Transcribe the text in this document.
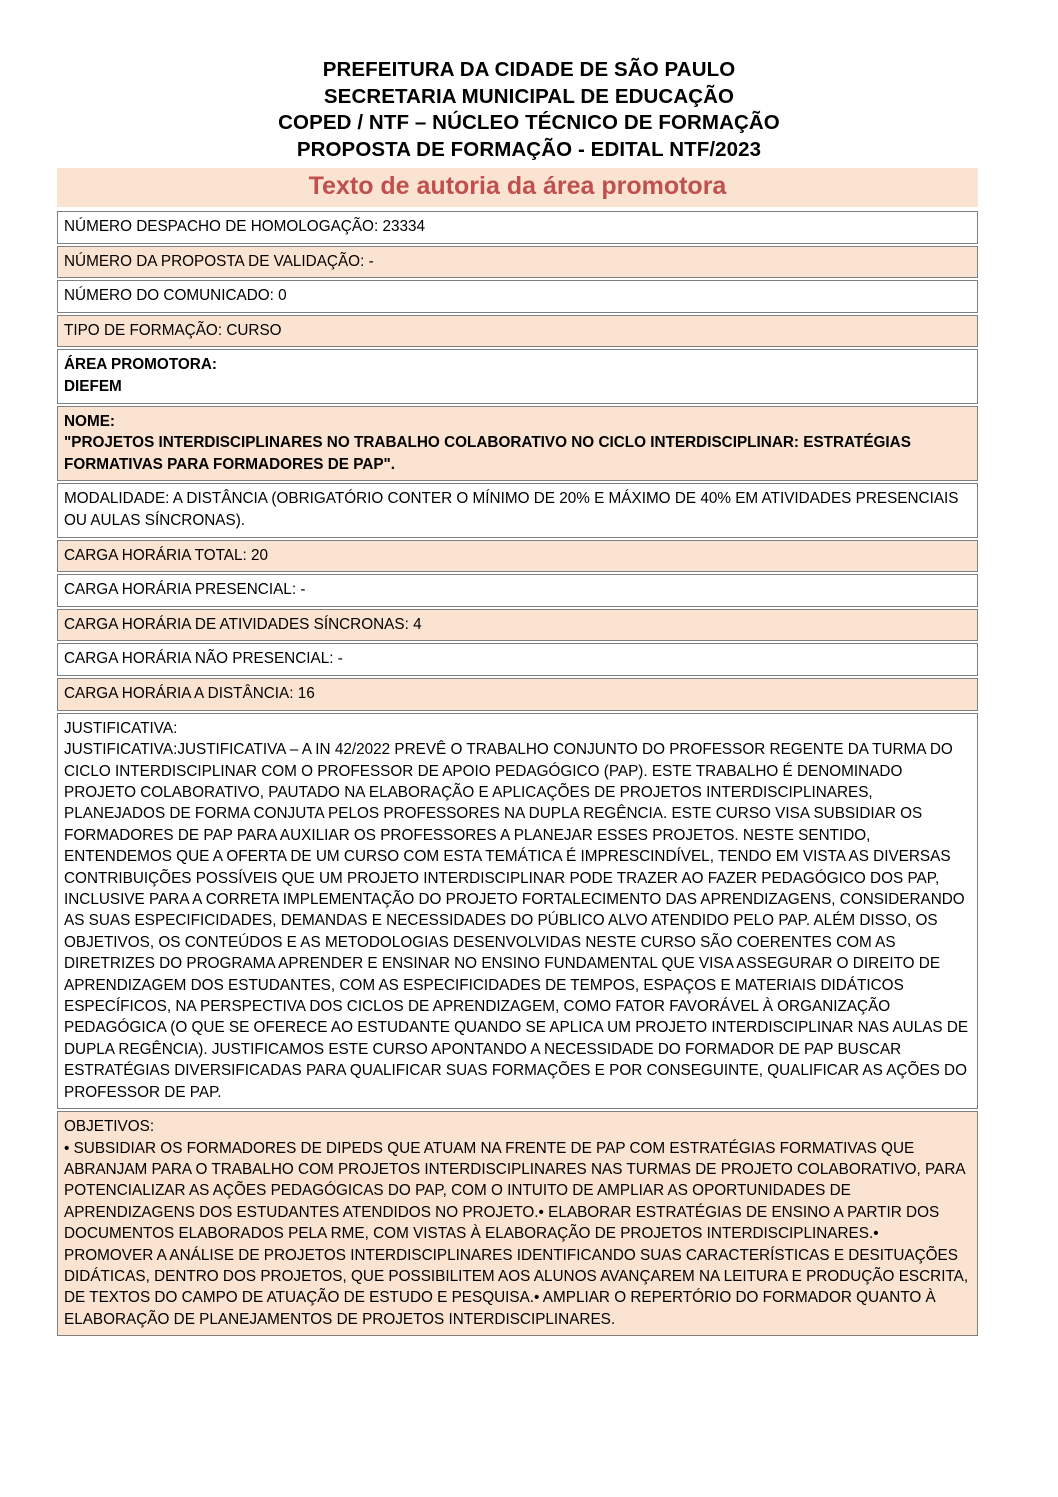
PREFEITURA DA CIDADE DE SÃO PAULO
SECRETARIA MUNICIPAL DE EDUCAÇÃO
COPED / NTF – NÚCLEO TÉCNICO DE FORMAÇÃO
PROPOSTA DE FORMAÇÃO - EDITAL NTF/2023
Texto de autoria da área promotora
NÚMERO DESPACHO DE HOMOLOGAÇÃO: 23334

NÚMERO DA PROPOSTA DE VALIDAÇÃO: -

NÚMERO DO COMUNICADO: 0

TIPO DE FORMAÇÃO: CURSO

ÁREA PROMOTORA:
DIEFEM

NOME:
"PROJETOS INTERDISCIPLINARES NO TRABALHO COLABORATIVO NO CICLO INTERDISCIPLINAR: ESTRATÉGIAS FORMATIVAS PARA FORMADORES DE PAP".

MODALIDADE: A DISTÂNCIA (OBRIGATÓRIO CONTER O MÍNIMO DE 20% E MÁXIMO DE 40% EM ATIVIDADES PRESENCIAIS OU AULAS SÍNCRONAS).

CARGA HORÁRIA TOTAL: 20

CARGA HORÁRIA PRESENCIAL: -

CARGA HORÁRIA DE ATIVIDADES SÍNCRONAS: 4

CARGA HORÁRIA NÃO PRESENCIAL: -

CARGA HORÁRIA A DISTÂNCIA: 16

JUSTIFICATIVA:
JUSTIFICATIVA:JUSTIFICATIVA – A IN 42/2022 PREVÊ O TRABALHO CONJUNTO DO PROFESSOR REGENTE DA TURMA DO CICLO INTERDISCIPLINAR COM O PROFESSOR DE APOIO PEDAGÓGICO (PAP). ESTE TRABALHO É DENOMINADO PROJETO COLABORATIVO, PAUTADO NA ELABORAÇÃO E APLICAÇÕES DE PROJETOS INTERDISCIPLINARES, PLANEJADOS DE FORMA CONJUTA PELOS PROFESSORES NA DUPLA REGÊNCIA. ESTE CURSO VISA SUBSIDIAR OS FORMADORES DE PAP PARA AUXILIAR OS PROFESSORES A PLANEJAR ESSES PROJETOS. NESTE SENTIDO, ENTENDEMOS QUE A OFERTA DE UM CURSO COM ESTA TEMÁTICA É IMPRESCINDÍVEL, TENDO EM VISTA AS DIVERSAS CONTRIBUIÇÕES POSSÍVEIS QUE UM PROJETO INTERDISCIPLINAR PODE TRAZER AO FAZER PEDAGÓGICO DOS PAP, INCLUSIVE PARA A CORRETA IMPLEMENTAÇÃO DO PROJETO FORTALECIMENTO DAS APRENDIZAGENS, CONSIDERANDO AS SUAS ESPECIFICIDADES, DEMANDAS E NECESSIDADES DO PÚBLICO ALVO ATENDIDO PELO PAP. ALÉM DISSO, OS OBJETIVOS, OS CONTEÚDOS E AS METODOLOGIAS DESENVOLVIDAS NESTE CURSO SÃO COERENTES COM AS DIRETRIZES DO PROGRAMA APRENDER E ENSINAR NO ENSINO FUNDAMENTAL QUE VISA ASSEGURAR O DIREITO DE APRENDIZAGEM DOS ESTUDANTES, COM AS ESPECIFICIDADES DE TEMPOS, ESPAÇOS E MATERIAIS DIDÁTICOS ESPECÍFICOS, NA PERSPECTIVA DOS CICLOS DE APRENDIZAGEM, COMO FATOR FAVORÁVEL À ORGANIZAÇÃO PEDAGÓGICA (O QUE SE OFERECE AO ESTUDANTE QUANDO SE APLICA UM PROJETO INTERDISCIPLINAR NAS AULAS DE DUPLA REGÊNCIA). JUSTIFICAMOS ESTE CURSO APONTANDO A NECESSIDADE DO FORMADOR DE PAP BUSCAR ESTRATÉGIAS DIVERSIFICADAS PARA QUALIFICAR SUAS FORMAÇÕES E POR CONSEGUINTE, QUALIFICAR AS AÇÕES DO PROFESSOR DE PAP.

OBJETIVOS:
• SUBSIDIAR OS FORMADORES DE DIPEDS QUE ATUAM NA FRENTE DE PAP COM ESTRATÉGIAS FORMATIVAS QUE ABRANJAM PARA O TRABALHO COM PROJETOS INTERDISCIPLINARES NAS TURMAS DE PROJETO COLABORATIVO, PARA POTENCIALIZAR AS AÇÕES PEDAGÓGICAS DO PAP, COM O INTUITO DE AMPLIAR AS OPORTUNIDADES DE APRENDIZAGENS DOS ESTUDANTES ATENDIDOS NO PROJETO.• ELABORAR ESTRATÉGIAS DE ENSINO A PARTIR DOS DOCUMENTOS ELABORADOS PELA RME, COM VISTAS À ELABORAÇÃO DE PROJETOS INTERDISCIPLINARES.• PROMOVER A ANÁLISE DE PROJETOS INTERDISCIPLINARES IDENTIFICANDO SUAS CARACTERÍSTICAS E DESITUAÇÕES DIDÁTICAS, DENTRO DOS PROJETOS, QUE POSSIBILITEM AOS ALUNOS AVANÇAREM NA LEITURA E PRODUÇÃO ESCRITA, DE TEXTOS DO CAMPO DE ATUAÇÃO DE ESTUDO E PESQUISA.• AMPLIAR O REPERTÓRIO DO FORMADOR QUANTO À ELABORAÇÃO DE PLANEJAMENTOS DE PROJETOS INTERDISCIPLINARES.
